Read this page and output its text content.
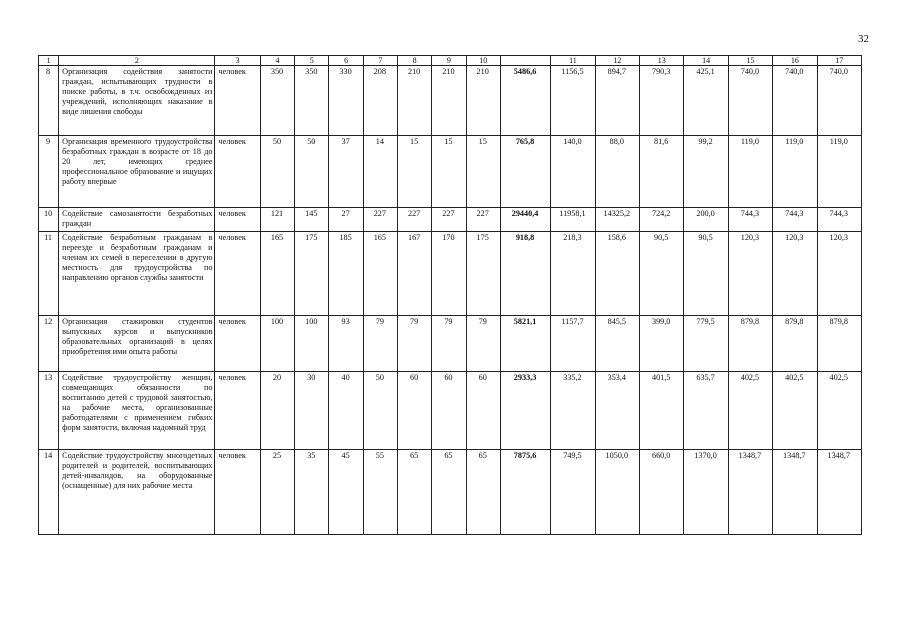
32
1	2	3	4	5	6	7	8	9	10		11	12	13	14	15	16	17
8	Организация содействия занятости граждан, испытывающих трудности в поиске работы, в т.ч. освобожденных из учреждений, исполняющих наказание в виде лишения свободы	человек	350	350	330	208	210	210	210	5486,6	1156,5	894,7	790,3	425,1	740,0	740,0	740,0
9	Организация временного трудоустройства безработных граждан в возрасте от 18 до 20 лет, имеющих среднее профессиональное образование и ищущих работу впервые	человек	50	50	37	14	15	15	15	765,8	140,0	88,0	81,6	99,2	119,0	119,0	119,0
10	Содействие самозанятости безработных граждан	человек	121	145	27	227	227	227	227	29440,4	11958,1	14325,2	724,2	200,0	744,3	744,3	744,3
11	Содействие безработным гражданам в переезде и безработным гражданам и членам их семей в переселении в другую местность для трудоустройства по направлению органов службы занятости	человек	165	175	185	165	167	170	175	918,8	218,3	158,6	90,5	90,5	120,3	120,3	120,3
12	Организация стажировки студентов выпускных курсов и выпускников образовательных организаций в целях приобретения ими опыта работы	человек	100	100	93	79	79	79	79	5821,1	1157,7	845,5	399,0	779,5	879,8	879,8	879,8
13	Содействие трудоустройству женщин, совмещающих обязанности по воспитанию детей с трудовой занятостью, на рабочие места, организованные работодателями с применением гибких форм занятости, включая надомный труд	человек	20	30	40	50	60	60	60	2933,3	335,2	353,4	401,5	635,7	402,5	402,5	402,5
14	Содействие трудоустройству многодетных родителей и родителей, воспитывающих детей-инвалидов, на оборудованные (оснащенные) для них рабочие места	человек	25	35	45	55	65	65	65	7875,6	749,5	1050,0	660,0	1370,0	1348,7	1348,7	1348,7
